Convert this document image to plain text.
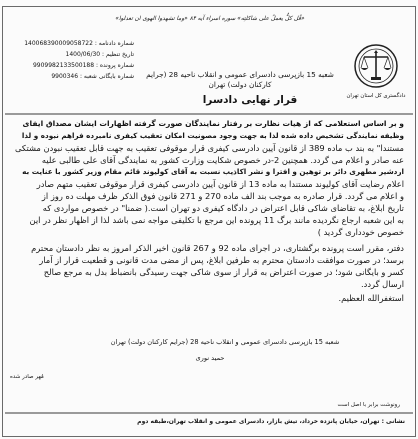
دادگستری کل استان تهران
«قُل کلٌّ یعملُ علی شاکلتِه» سوره اسراء آیه ۸۴ «وما تشهدوا الهوی ان تعدلوا»
شماره دادنامه : 140068390009058722
تاریخ تنظیم : 1400/06/30
شماره پرونده : 9909982133500188
شماره بایگانی شعبه : 9900346	شعبه 15 بازپرسی دادسرای عمومی و انقلاب ناحیه 28 (جرایم
کارکنان دولت) تهران
قرار نهایی دادسرا
و بر اساس استعلامی که از هیات نظارت بر رفتار نمایندگان صورت گرفته اظهارات ایشان مصداق ایفای
وظیفه نمایندگی تشخیص داده شده لذا به جهت وجود مصونیت امکان تعقیب کیفری نامبرده فراهم نبوده و لذا
مستندا" به بند ب ماده 389 از قانون آیین دادرسی کیفری قرار موقوفی تعقیب به جهت قابل تعقیب نبودن مشتکی
عنه صادر و اعلام می گردد. همچنین 2-در خصوص شکایت وزارت کشور به نمایندگی آقای علی طالبی علیه
اردشیر مطهری دائر بر توهین و افترا و نشر اکاذیب نسبت به آقای کولیوند قائم مقام وزیر کشور با عنایت به
اعلام رضایت آقای کولیوند مستندا به ماده 13 از قانون آیین دادرسی کیفری قرار موقوفی تعقیب متهم صادر
و اعلام می گردد. قرار صادره به موجب بند الف ماده 270 و 271 قانون فوق الذکر ظرف مهلت ده روز از
تاریخ ابلاغ، به تقاضای شاکی قابل اعتراض در دادگاه کیفری دو تهران است.( ضمنا" در خصوص مواردی که
به این شعبه ارجاع نگردیده مانند برگ 11 پرونده این مرجع با تکلیفی مواجه نمی باشد لذا از اظهار نظر در این
خصوص خودداری گردید )
دفتر، مقرر است پرونده برگشتاری، در اجرای ماده 92 و 267 قانون اخیر الذکر امروز به نظر دادستان محترم
برسد؛ در صورت موافقت دادستان محترم به طرفین ابلاغ، پس از مضی مدت قانونی و قطعیت قرار از آمار
کسر و بایگانی شود؛ در صورت اعتراض به قرار از سوی شاکی جهت رسیدگی بانضباط بدل به مرجع صالح
ارسال گردد.
استغفرالله العظیم.
شعبه 15 بازپرسی دادسرای عمومی و انقلاب ناحیه 28 (جرایم کارکنان دولت) تهران
حمید نوری
مُهر صادر شده
رونوشت برابر با اصل است
نشانی : تهران، خیابان پانزده خرداد، تیش بازار، دادسرای عمومی و انقلاب تهران،طبقه دوم
